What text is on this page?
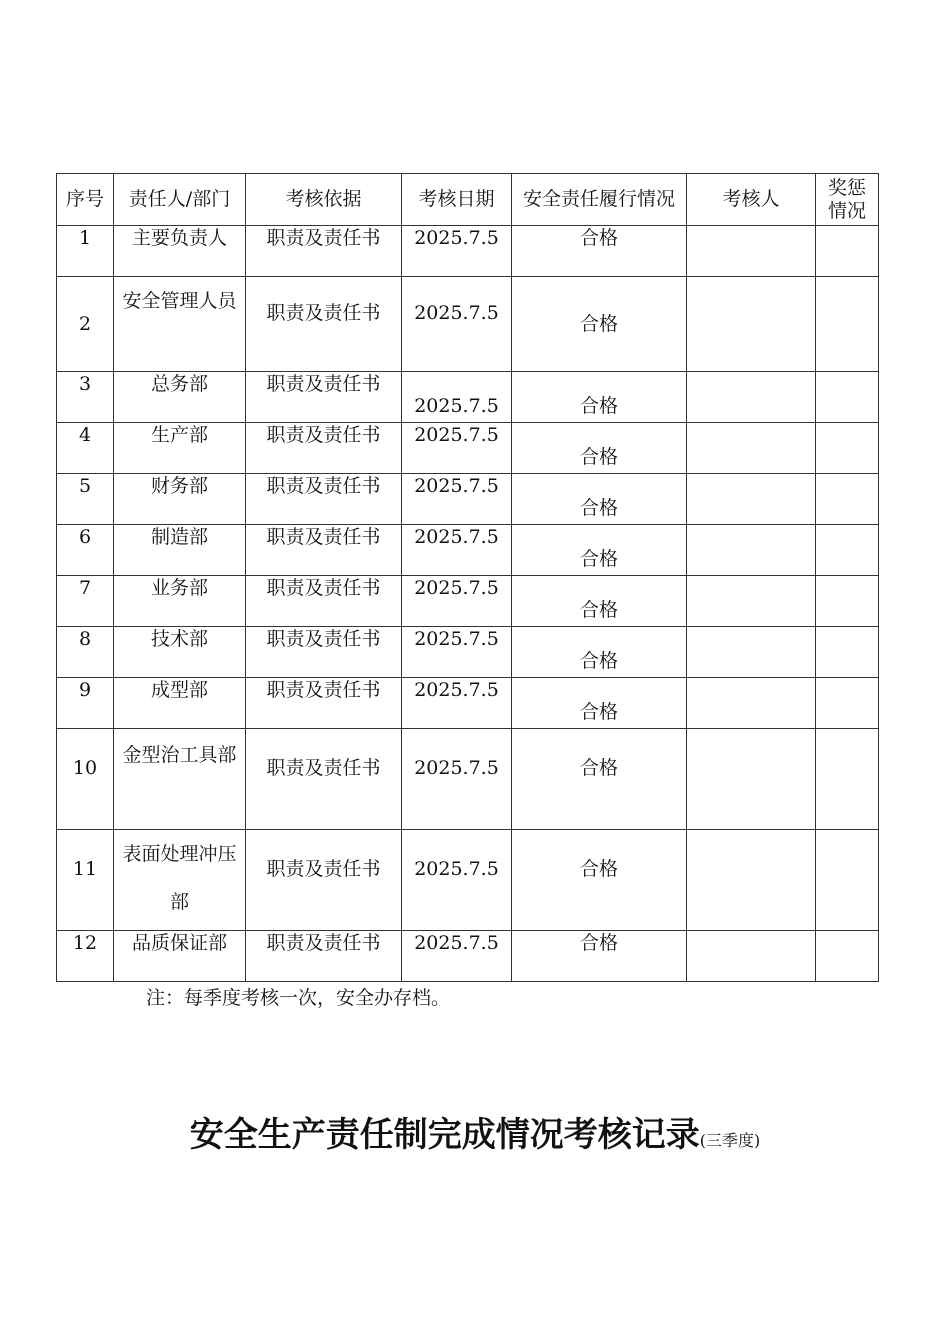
序号	责任人/部门	考核依据	考核日期	安全责任履行情况	考核人	奖惩情况
1	主要负责人	职责及责任书	2025.7.5	合格		
2	安全管理人员	职责及责任书	2025.7.5	合格		
3	总务部	职责及责任书	2025.7.5	合格		
4	生产部	职责及责任书	2025.7.5	合格		
5	财务部	职责及责任书	2025.7.5	合格		
6	制造部	职责及责任书	2025.7.5	合格		
7	业务部	职责及责任书	2025.7.5	合格		
8	技术部	职责及责任书	2025.7.5	合格		
9	成型部	职责及责任书	2025.7.5	合格		
10	金型治工具部	职责及责任书	2025.7.5	合格		
11	表面处理冲压部	职责及责任书	2025.7.5	合格		
12	品质保证部	职责及责任书	2025.7.5	合格		
注：每季度考核一次，安全办存档。
安全生产责任制完成情况考核记录(三季度)
